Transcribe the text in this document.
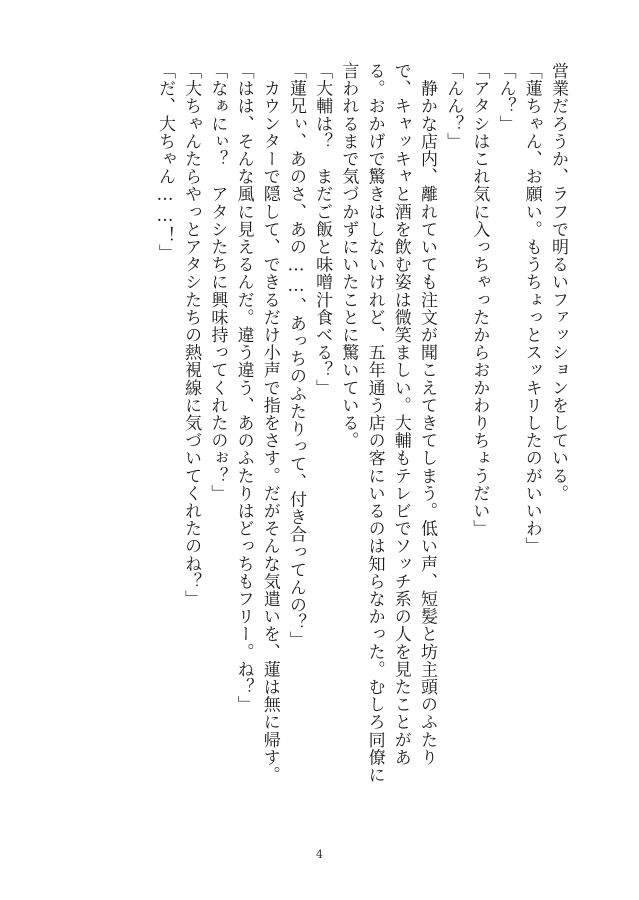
営業だろうか、ラフで明るいファッションをしている。

「蓮ちゃん、お願い。もうちょっとスッキリしたのがいいわ」

「ん？」

「アタシはこれ気に入っちゃったからおかわりちょうだい」

「んん？」

　静かな店内、離れていても注文が聞こえてきてしまう。低い声、短髪と坊主頭のふたり

で、キャッキャと酒を飲む姿は微笑ましい。大輔もテレビでソッチ系の人を見たことがあ

る。おかげで驚きはしないけれど、五年通う店の客にいるのは知らなかった。むしろ同僚に

言われるまで気づかずにいたことに驚いている。

「大輔は？　まだご飯と味噌汁食べる？」

「蓮兄ぃ、あのさ、あの……、あっちのふたりって、付き合ってんの？」

　カウンターで隠して、できるだけ小声で指をさす。だがそんな気遣いを、蓮は無に帰す。

「はは、そんな風に見えるんだ。違う違う、あのふたりはどっちもフリー。ね？」

「なぁにぃ？　アタシたちに興味持ってくれたのぉ？」

「大ちゃんたらやっとアタシたちの熱視線に気づいてくれたのね？」

「だ、大ちゃん……！」

4
